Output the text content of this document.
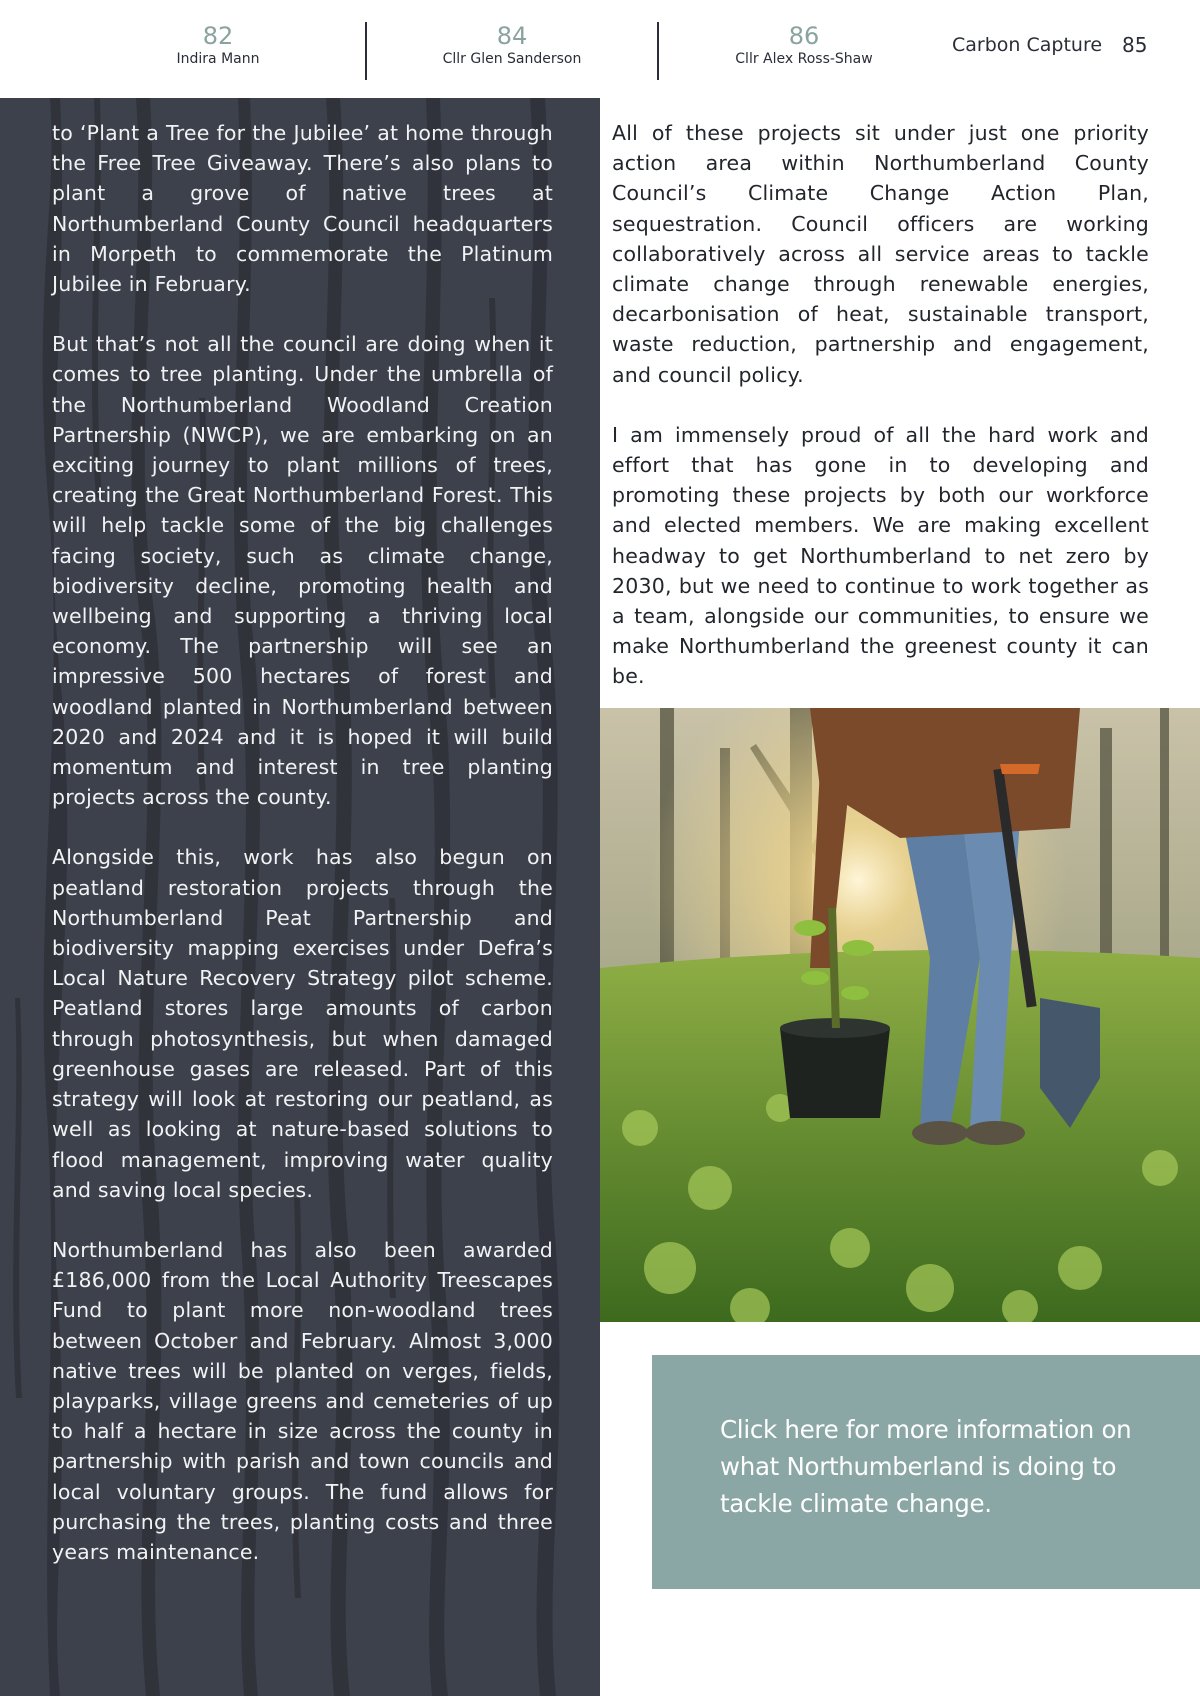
82
Indira Mann
84
Cllr Glen Sanderson
86
Cllr Alex Ross-Shaw
Carbon Capture 85

to ‘Plant a Tree for the Jubilee’ at home through the Free Tree Giveaway. There’s also plans to plant a grove of native trees at Northumberland County Council headquarters in Morpeth to commemorate the Platinum Jubilee in February.

But that’s not all the council are doing when it comes to tree planting. Under the umbrella of the Northumberland Woodland Creation Partnership (NWCP), we are embarking on an exciting journey to plant millions of trees, creating the Great Northumberland Forest. This will help tackle some of the big challenges facing society, such as climate change, biodiversity decline, promoting health and wellbeing and supporting a thriving local economy. The partnership will see an impressive 500 hectares of forest and woodland planted in Northumberland between 2020 and 2024 and it is hoped it will build momentum and interest in tree planting projects across the county.

Alongside this, work has also begun on peatland restoration projects through the Northumberland Peat Partnership and biodiversity mapping exercises under Defra’s Local Nature Recovery Strategy pilot scheme. Peatland stores large amounts of carbon through photosynthesis, but when damaged greenhouse gases are released. Part of this strategy will look at restoring our peatland, as well as looking at nature-based solutions to flood management, improving water quality and saving local species.

Northumberland has also been awarded £186,000 from the Local Authority Treescapes Fund to plant more non-woodland trees between October and February. Almost 3,000 native trees will be planted on verges, fields, playparks, village greens and cemeteries of up to half a hectare in size across the county in partnership with parish and town councils and local voluntary groups. The fund allows for purchasing the trees, planting costs and three years maintenance.

All of these projects sit under just one priority action area within Northumberland County Council’s Climate Change Action Plan, sequestration. Council officers are working collaboratively across all service areas to tackle climate change through renewable energies, decarbonisation of heat, sustainable transport, waste reduction, partnership and engagement, and council policy.

I am immensely proud of all the hard work and effort that has gone in to developing and promoting these projects by both our workforce and elected members. We are making excellent headway to get Northumberland to net zero by 2030, but we need to continue to work together as a team, alongside our communities, to ensure we make Northumberland the greenest county it can be.

Click here for more information on what Northumberland is doing to tackle climate change.
